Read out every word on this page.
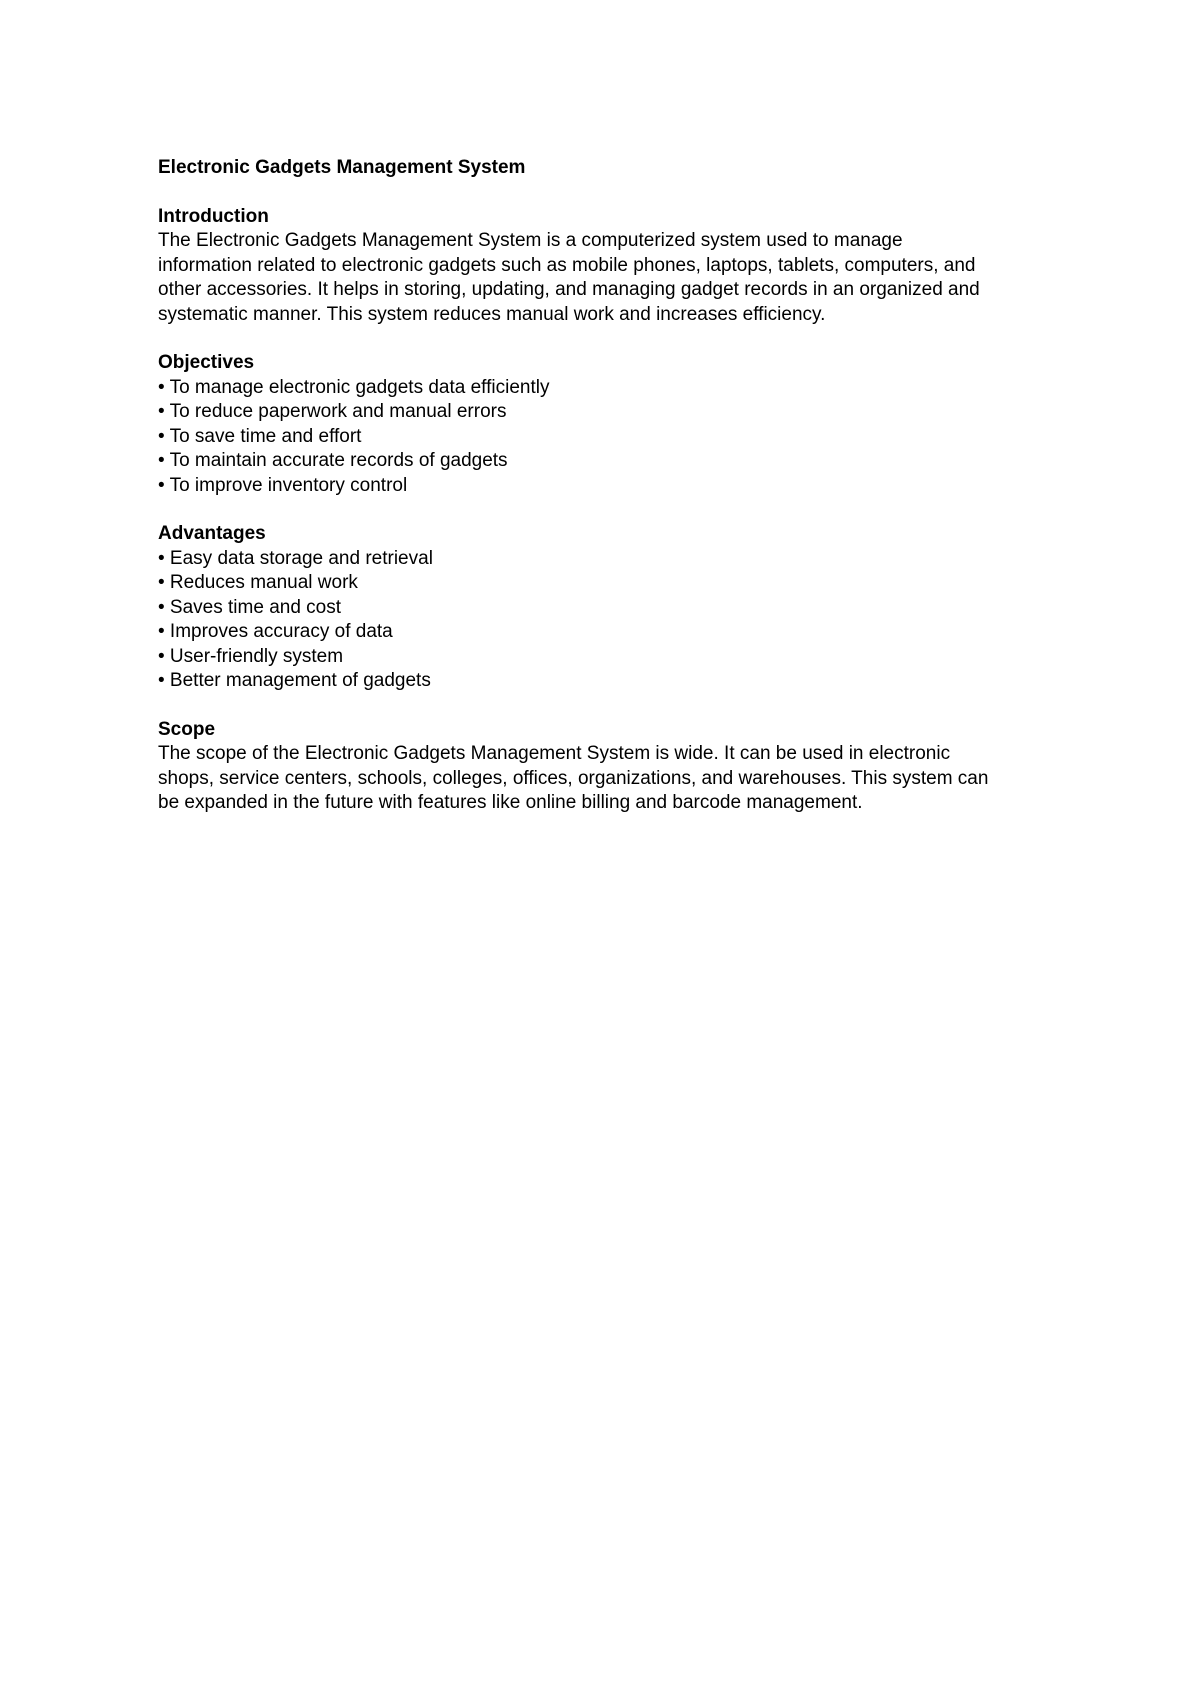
Electronic Gadgets Management System

Introduction

The Electronic Gadgets Management System is a computerized system used to manage
information related to electronic gadgets such as mobile phones, laptops, tablets, computers, and
other accessories. It helps in storing, updating, and managing gadget records in an organized and
systematic manner. This system reduces manual work and increases efficiency.

Objectives

• To manage electronic gadgets data efficiently
• To reduce paperwork and manual errors
• To save time and effort
• To maintain accurate records of gadgets
• To improve inventory control

Advantages

• Easy data storage and retrieval
• Reduces manual work
• Saves time and cost
• Improves accuracy of data
• User-friendly system
• Better management of gadgets

Scope

The scope of the Electronic Gadgets Management System is wide. It can be used in electronic
shops, service centers, schools, colleges, offices, organizations, and warehouses. This system can
be expanded in the future with features like online billing and barcode management.
